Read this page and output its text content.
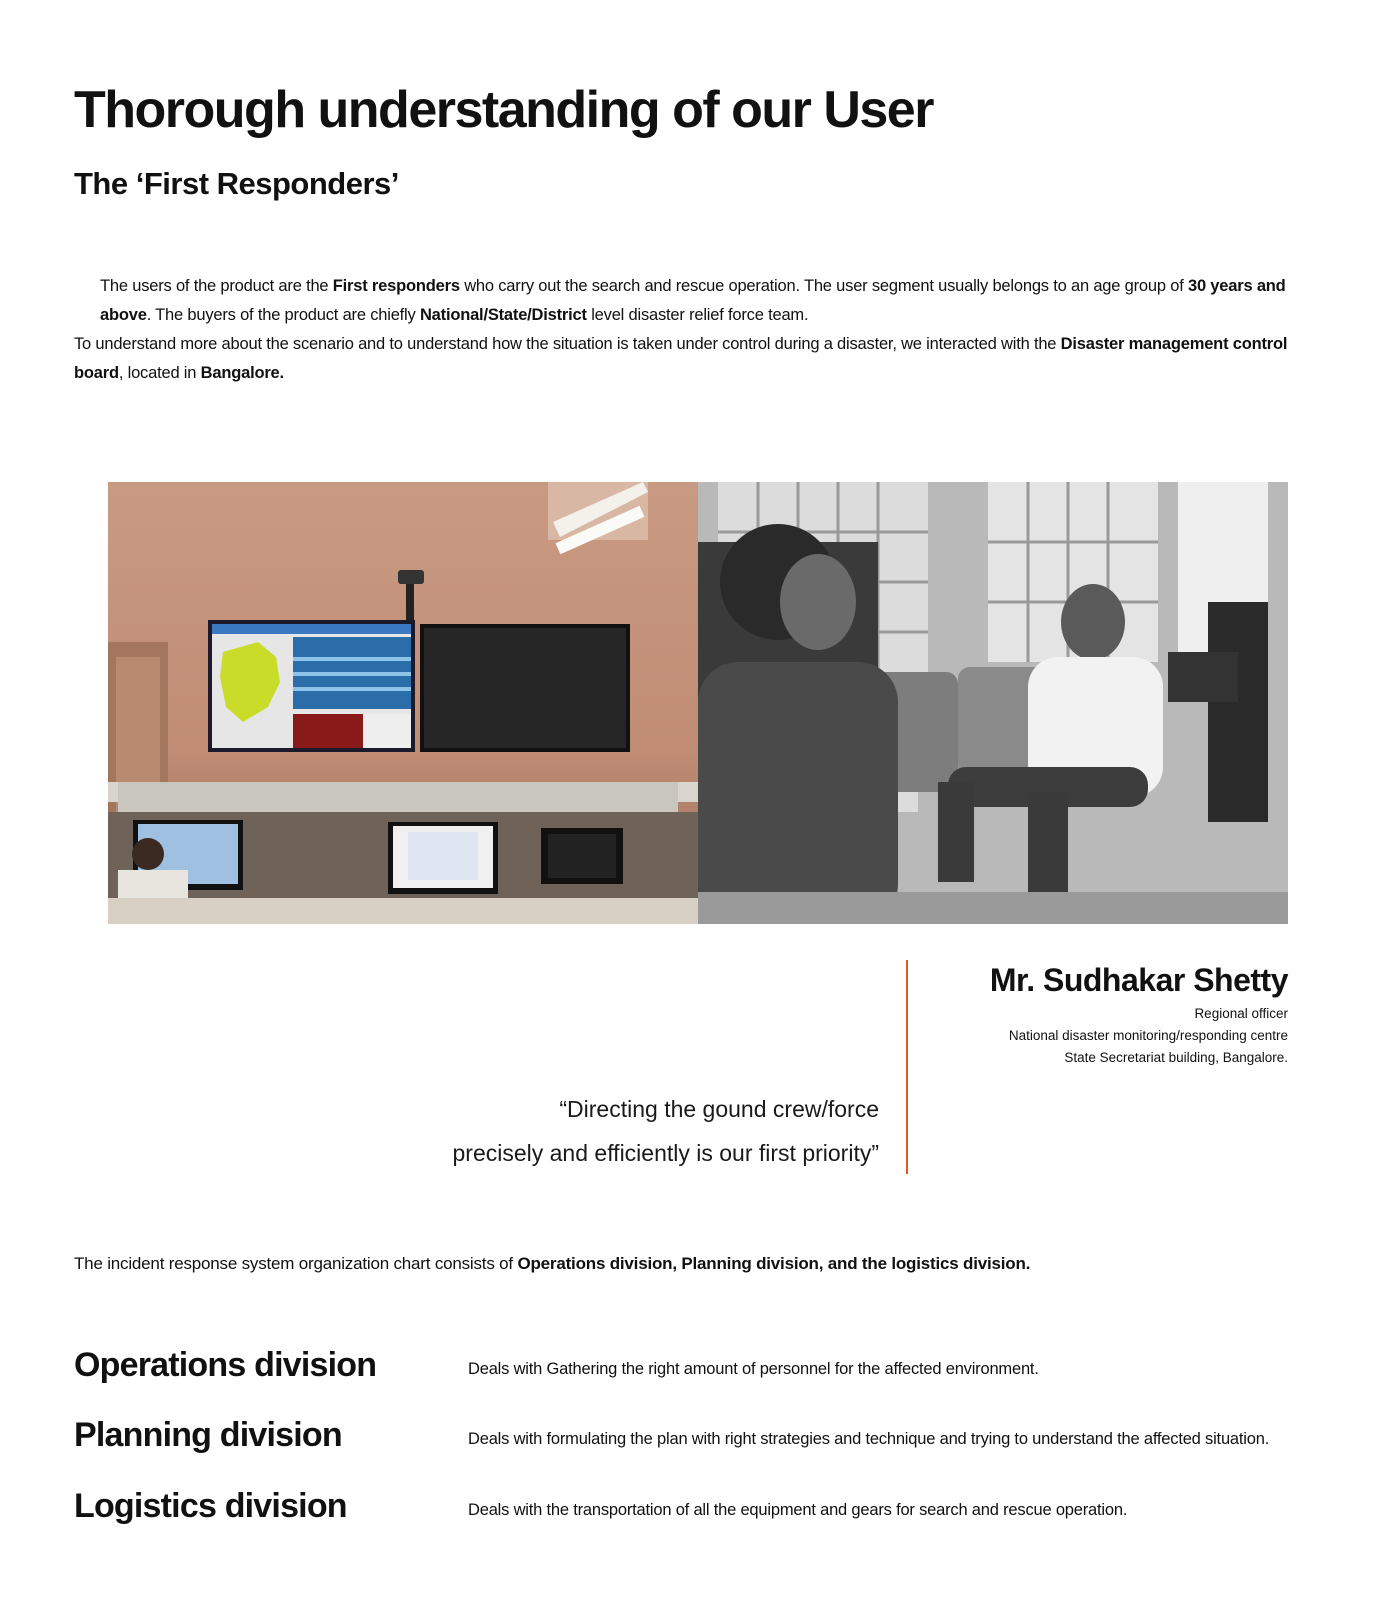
Thorough understanding of our User
The ‘First Responders’

The users of the product are the First responders who carry out the search and rescue operation. The user segment usually belongs to an age group of 30 years and above. The buyers of the product are chiefly National/State/District level disaster relief force team.

To understand more about the scenario and to understand how the situation is taken under control during a disaster, we interacted with the Disaster management control board, located in Bangalore.

Mr. Sudhakar Shetty
Regional officer
National disaster monitoring/responding centre
State Secretariat building, Bangalore.
“Directing the gound crew/force
precisely and efficiently is our first priority”
The incident response system organization chart consists of Operations division, Planning division, and the logistics division.
Operations division	Deals with Gathering the right amount of personnel for the affected environment.
Planning division	Deals with formulating the plan with right strategies and technique and trying to understand the affected situation.
Logistics division	Deals with the transportation of all the equipment and gears for search and rescue operation.
